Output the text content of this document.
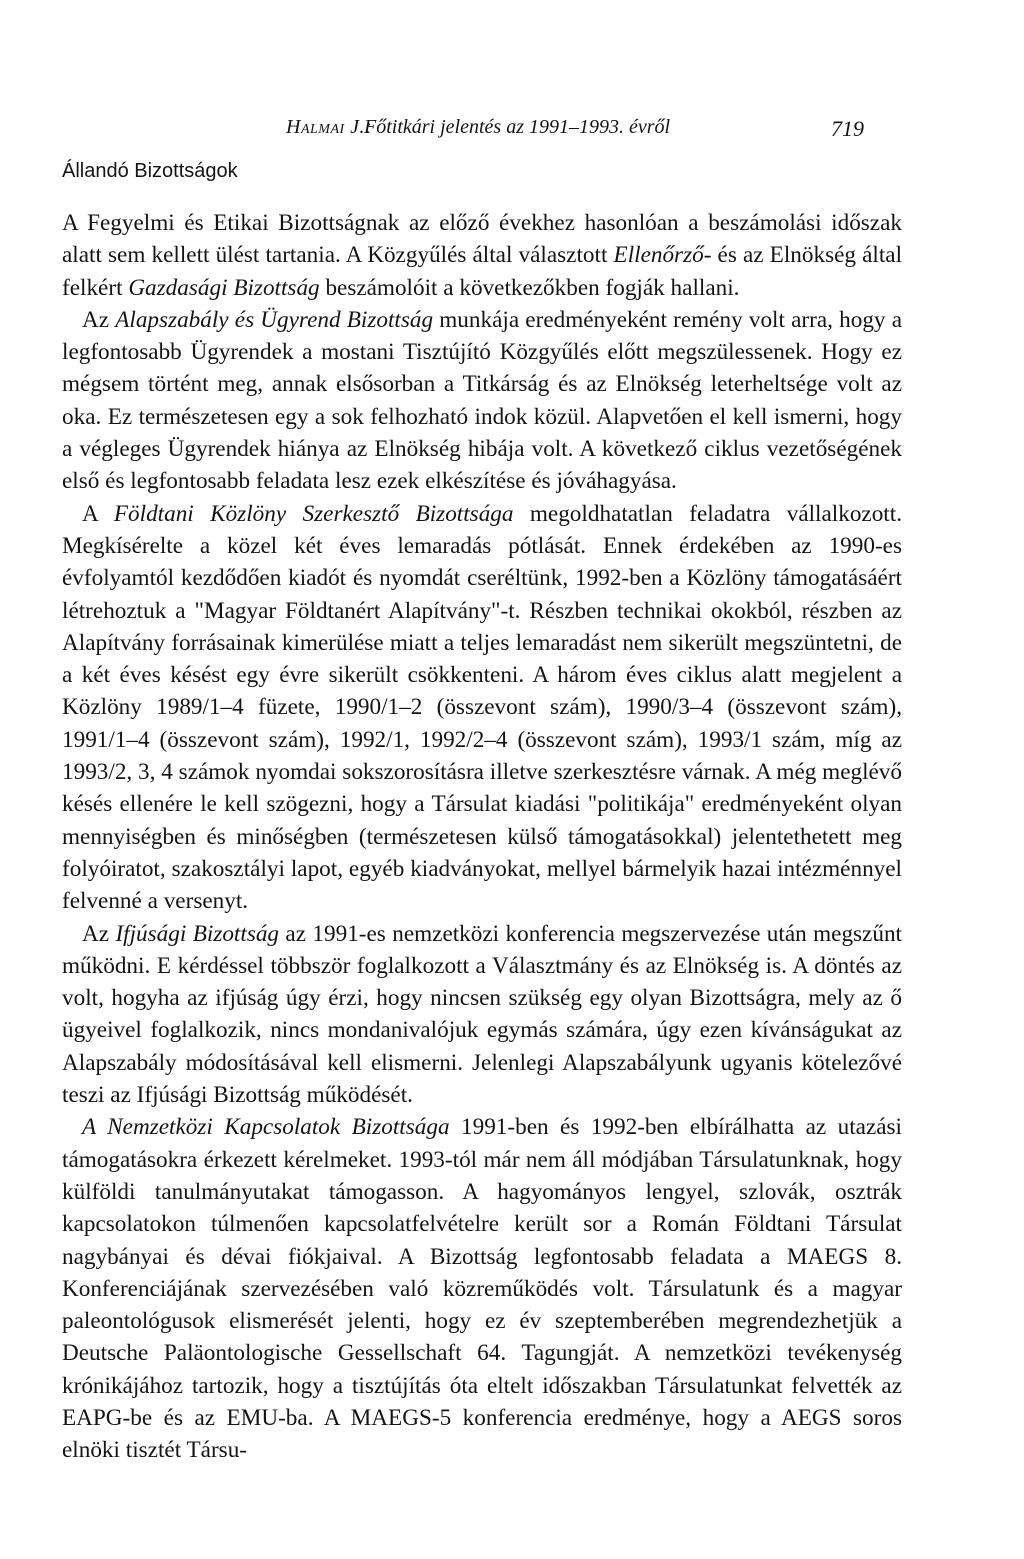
Halmai J.:
Főtitkári jelentés az 1991–1993. évről	719
Állandó Bizottságok

A Fegyelmi és Etikai Bizottságnak az előző évekhez hasonlóan a beszámolási időszak alatt sem kellett ülést tartania. A Közgyűlés által választott Ellenőrző- és az Elnökség által felkért Gazdasági Bizottság beszámolóit a következőkben fogják hallani.

Az Alapszabály és Ügyrend Bizottság munkája eredményeként remény volt arra, hogy a legfontosabb Ügyrendek a mostani Tisztújító Közgyűlés előtt megszülessenek. Hogy ez mégsem történt meg, annak elsősorban a Titkárság és az Elnökség leterheltsége volt az oka. Ez természetesen egy a sok felhozható indok közül. Alapvetően el kell ismerni, hogy a végleges Ügyrendek hiánya az Elnökség hibája volt. A következő ciklus vezetőségének első és legfontosabb feladata lesz ezek elkészítése és jóváhagyása.

A Földtani Közlöny Szerkesztő Bizottsága megoldhatatlan feladatra vállalkozott. Megkísérelte a közel két éves lemaradás pótlását. Ennek érdekében az 1990-es évfolyamtól kezdődően kiadót és nyomdát cseréltünk, 1992-ben a Közlöny támogatásáért létrehoztuk a "Magyar Földtanért Alapítvány"-t. Részben technikai okokból, részben az Alapítvány forrásainak kimerülése miatt a teljes lemaradást nem sikerült megszüntetni, de a két éves késést egy évre sikerült csökkenteni. A három éves ciklus alatt megjelent a Közlöny 1989/1–4 füzete, 1990/1–2 (összevont szám), 1990/3–4 (összevont szám), 1991/1–4 (összevont szám), 1992/1, 1992/2–4 (összevont szám), 1993/1 szám, míg az 1993/2, 3, 4 számok nyomdai sokszorosításra illetve szerkesztésre várnak. A még meglévő késés ellenére le kell szögezni, hogy a Társulat kiadási "politikája" eredményeként olyan mennyiségben és minőségben (természetesen külső támogatásokkal) jelentethetett meg folyóiratot, szakosztályi lapot, egyéb kiadványokat, mellyel bármelyik hazai intézménnyel felvenné a versenyt.

Az Ifjúsági Bizottság az 1991-es nemzetközi konferencia megszervezése után megszűnt működni. E kérdéssel többször foglalkozott a Választmány és az Elnökség is. A döntés az volt, hogyha az ifjúság úgy érzi, hogy nincsen szükség egy olyan Bizottságra, mely az ő ügyeivel foglalkozik, nincs mondanivalójuk egymás számára, úgy ezen kívánságukat az Alapszabály módosításával kell elismerni. Jelenlegi Alapszabályunk ugyanis kötelezővé teszi az Ifjúsági Bizottság működését.

A Nemzetközi Kapcsolatok Bizottsága 1991-ben és 1992-ben elbírálhatta az utazási támogatásokra érkezett kérelmeket. 1993-tól már nem áll módjában Társulatunknak, hogy külföldi tanulmányutakat támogasson. A hagyományos lengyel, szlovák, osztrák kapcsolatokon túlmenően kapcsolatfelvételre került sor a Román Földtani Társulat nagybányai és dévai fiókjaival. A Bizottság legfontosabb feladata a MAEGS 8. Konferenciájának szervezésében való közreműködés volt. Társulatunk és a magyar paleontológusok elismerését jelenti, hogy ez év szeptemberében megrendezhetjük a Deutsche Paläontologische Gessellschaft 64. Tagungját. A nemzetközi tevékenység krónikájához tartozik, hogy a tisztújítás óta eltelt időszakban Társulatunkat felvették az EAPG-be és az EMU-ba. A MAEGS-5 konferencia eredménye, hogy a AEGS soros elnöki tisztét Társu-
